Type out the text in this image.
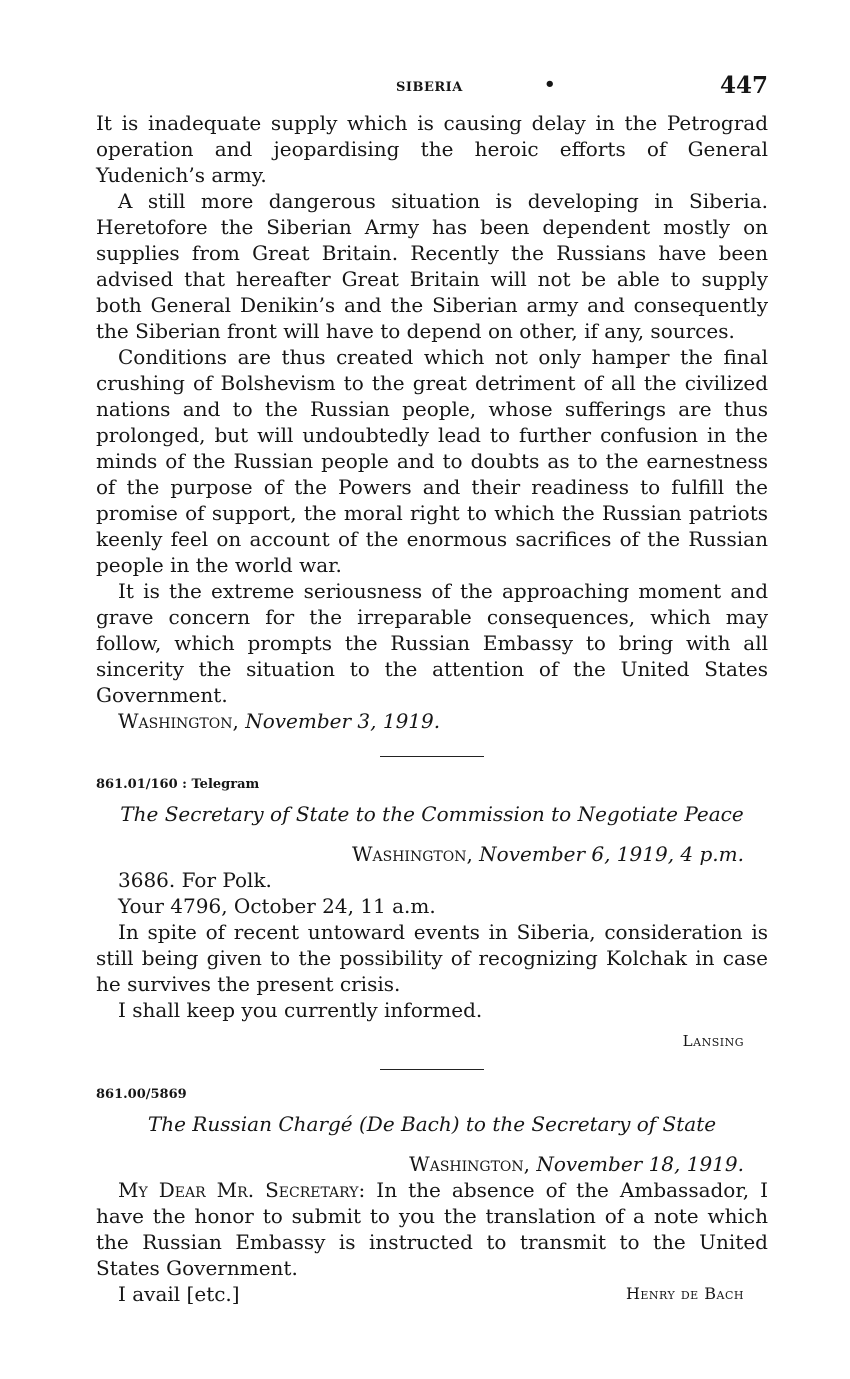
SIBERIA	•	447

It is inadequate supply which is causing delay in the Petrograd operation and jeopardising the heroic efforts of General Yudenich’s army.

A still more dangerous situation is developing in Siberia. Heretofore the Siberian Army has been dependent mostly on supplies from Great Britain. Recently the Russians have been advised that hereafter Great Britain will not be able to supply both General Denikin’s and the Siberian army and consequently the Siberian front will have to depend on other, if any, sources.

Conditions are thus created which not only hamper the final crushing of Bolshevism to the great detriment of all the civilized nations and to the Russian people, whose sufferings are thus prolonged, but will undoubtedly lead to further confusion in the minds of the Russian people and to doubts as to the earnestness of the purpose of the Powers and their readiness to fulfill the promise of support, the moral right to which the Russian patriots keenly feel on account of the enormous sacrifices of the Russian people in the world war.

It is the extreme seriousness of the approaching moment and grave concern for the irreparable consequences, which may follow, which prompts the Russian Embassy to bring with all sincerity the situation to the attention of the United States Government.

Washington, November 3, 1919.

861.01/160 : Telegram
The Secretary of State to the Commission to Negotiate Peace
Washington, November 6, 1919, 4 p.m.

3686. For Polk.

Your 4796, October 24, 11 a.m.

In spite of recent untoward events in Siberia, consideration is still being given to the possibility of recognizing Kolchak in case he survives the present crisis.

I shall keep you currently informed.

Lansing
861.00/5869
The Russian Chargé (De Bach) to the Secretary of State
Washington, November 18, 1919.

My Dear Mr. Secretary: In the absence of the Ambassador, I have the honor to submit to you the translation of a note which the Russian Embassy is instructed to transmit to the United States Government.

I avail [etc.]	Henry de Bach
